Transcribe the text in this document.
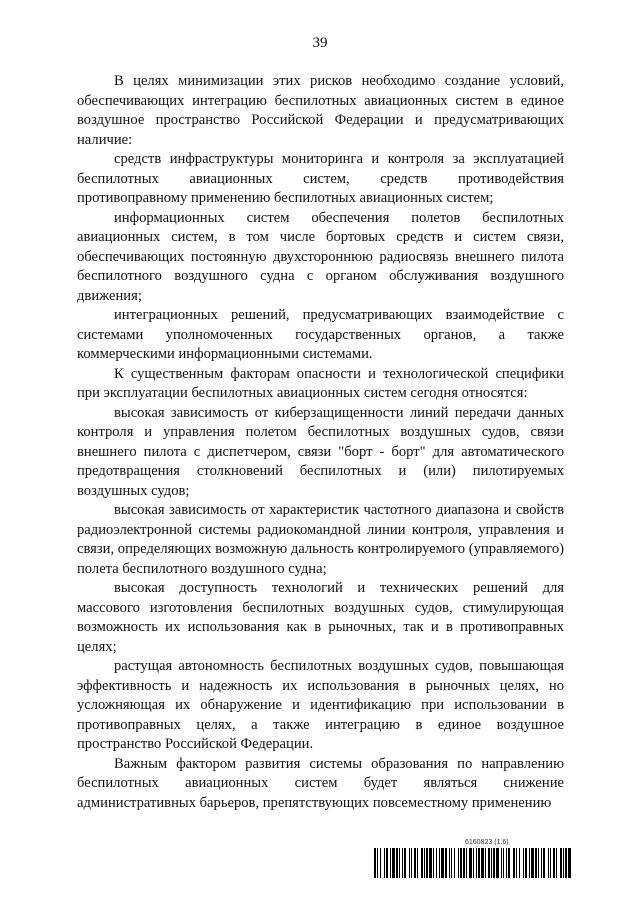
39

В целях минимизации этих рисков необходимо создание условий, обеспечивающих интеграцию беспилотных авиационных систем в единое воздушное пространство Российской Федерации и предусматривающих наличие:

средств инфраструктуры мониторинга и контроля за эксплуатацией беспилотных авиационных систем, средств противодействия противоправному применению беспилотных авиационных систем;

информационных систем обеспечения полетов беспилотных авиационных систем, в том числе бортовых средств и систем связи, обеспечивающих постоянную двухстороннюю радиосвязь внешнего пилота беспилотного воздушного судна с органом обслуживания воздушного движения;

интеграционных решений, предусматривающих взаимодействие с системами уполномоченных государственных органов, а также коммерческими информационными системами.

К существенным факторам опасности и технологической специфики при эксплуатации беспилотных авиационных систем сегодня относятся:

высокая зависимость от киберзащищенности линий передачи данных контроля и управления полетом беспилотных воздушных судов, связи внешнего пилота с диспетчером, связи "борт - борт" для автоматического предотвращения столкновений беспилотных и (или) пилотируемых воздушных судов;

высокая зависимость от характеристик частотного диапазона и свойств радиоэлектронной системы радиокомандной линии контроля, управления и связи, определяющих возможную дальность контролируемого (управляемого) полета беспилотного воздушного судна;

высокая доступность технологий и технических решений для массового изготовления беспилотных воздушных судов, стимулирующая возможность их использования как в рыночных, так и в противоправных целях;

растущая автономность беспилотных воздушных судов, повышающая эффективность и надежность их использования в рыночных целях, но усложняющая их обнаружение и идентификацию при использовании в противоправных целях, а также интеграцию в единое воздушное пространство Российской Федерации.

Важным фактором развития системы образования по направлению беспилотных авиационных систем будет являться снижение административных барьеров, препятствующих повсеместному применению

6160823 (1.6)
